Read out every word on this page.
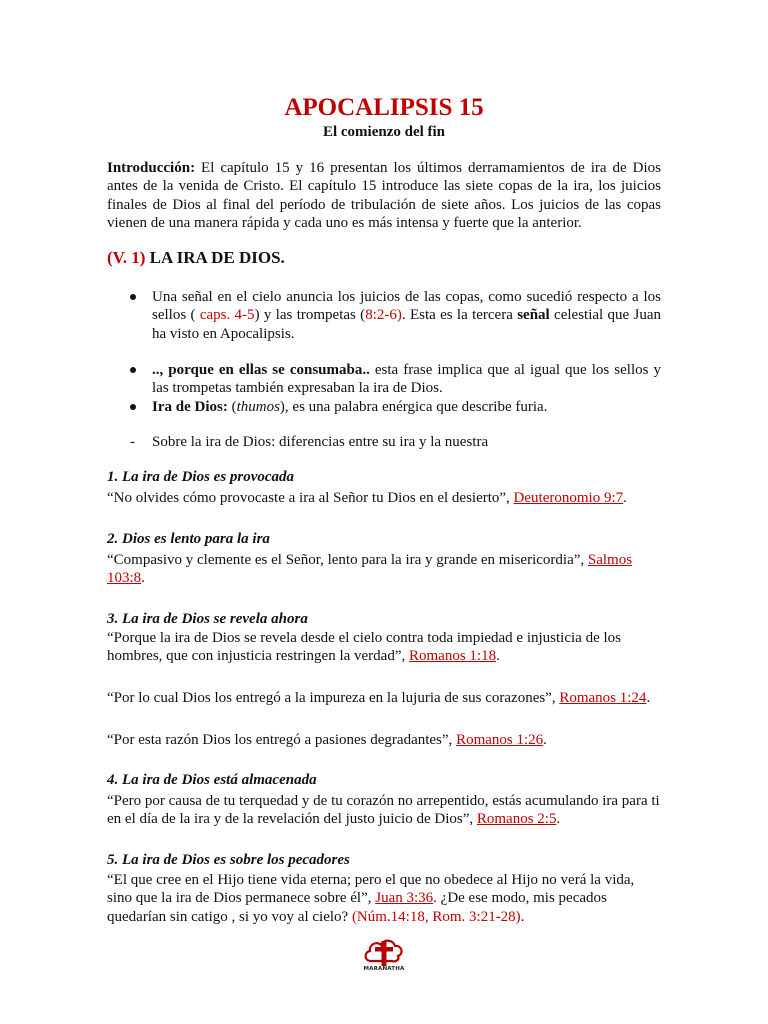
APOCALIPSIS 15
El comienzo del fin

Introducción: El capítulo 15 y 16 presentan los últimos derramamientos de ira de Dios antes de la venida de Cristo. El capítulo 15 introduce las siete copas de la ira, los juicios finales de Dios al final del período de tribulación de siete años. Los juicios de las copas vienen de una manera rápida y cada uno es más intensa y fuerte que la anterior.

(V. 1) LA IRA DE DIOS.
Una señal en el cielo anuncia los juicios de las copas, como sucedió respecto a los sellos ( caps. 4-5) y las trompetas (8:2-6). Esta es la tercera señal celestial que Juan ha visto en Apocalipsis.
.., porque en ellas se consumaba.. esta frase implica que al igual que los sellos y las trompetas también expresaban la ira de Dios.
Ira de Dios: (thumos), es una palabra enérgica que describe furia.
- Sobre la ira de Dios: diferencias entre su ira y la nuestra

1. La ira de Dios es provocada

“No olvides cómo provocaste a ira al Señor tu Dios en el desierto”, Deuteronomio 9:7.

2. Dios es lento para la ira

“Compasivo y clemente es el Señor, lento para la ira y grande en misericordia”, Salmos 103:8.

3. La ira de Dios se revela ahora

“Porque la ira de Dios se revela desde el cielo contra toda impiedad e injusticia de los hombres, que con injusticia restringen la verdad”, Romanos 1:18.

“Por lo cual Dios los entregó a la impureza en la lujuria de sus corazones”, Romanos 1:24.

“Por esta razón Dios los entregó a pasiones degradantes”, Romanos 1:26.

4. La ira de Dios está almacenada

“Pero por causa de tu terquedad y de tu corazón no arrepentido, estás acumulando ira para ti en el día de la ira y de la revelación del justo juicio de Dios”, Romanos 2:5.

5. La ira de Dios es sobre los pecadores

“El que cree en el Hijo tiene vida eterna; pero el que no obedece al Hijo no verá la vida, sino que la ira de Dios permanece sobre él”, Juan 3:36. ¿De ese modo, mis pecados quedarían sin catigo , si yo voy al cielo? (Núm.14:18, Rom. 3:21-28).

MARANATHA
